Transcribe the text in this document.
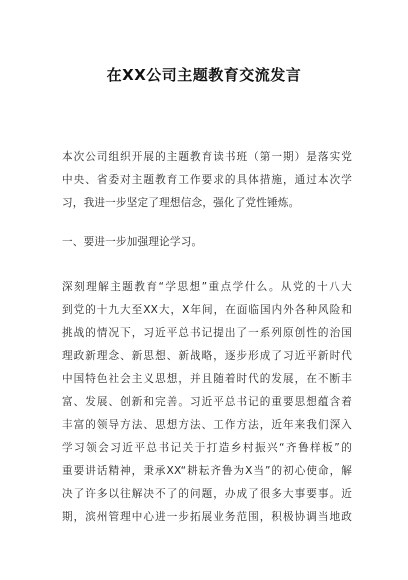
在XX公司主题教育交流发言
本次公司组织开展的主题教育读书班（第一期）是落实党
中央、省委对主题教育工作要求的具体措施，通过本次学
习，我进一步坚定了理想信念，强化了党性锤炼。
一、要进一步加强理论学习。
深刻理解主题教育“学思想”重点学什么。从党的十八大
到党的十九大至XX大，X年间，在面临国内外各种风险和
挑战的情况下，习近平总书记提出了一系列原创性的治国
理政新理念、新思想、新战略，逐步形成了习近平新时代
中国特色社会主义思想，并且随着时代的发展，在不断丰
富、发展、创新和完善。习近平总书记的重要思想蕴含着
丰富的领导方法、思想方法、工作方法，近年来我们深入
学习领会习近平总书记关于打造乡村振兴“齐鲁样板”的
重要讲话精神，秉承XX“耕耘齐鲁为X当”的初心使命，解
决了许多以往解决不了的问题，办成了很多大事要事。近
期，滨州管理中心进一步拓展业务范围，积极协调当地政
